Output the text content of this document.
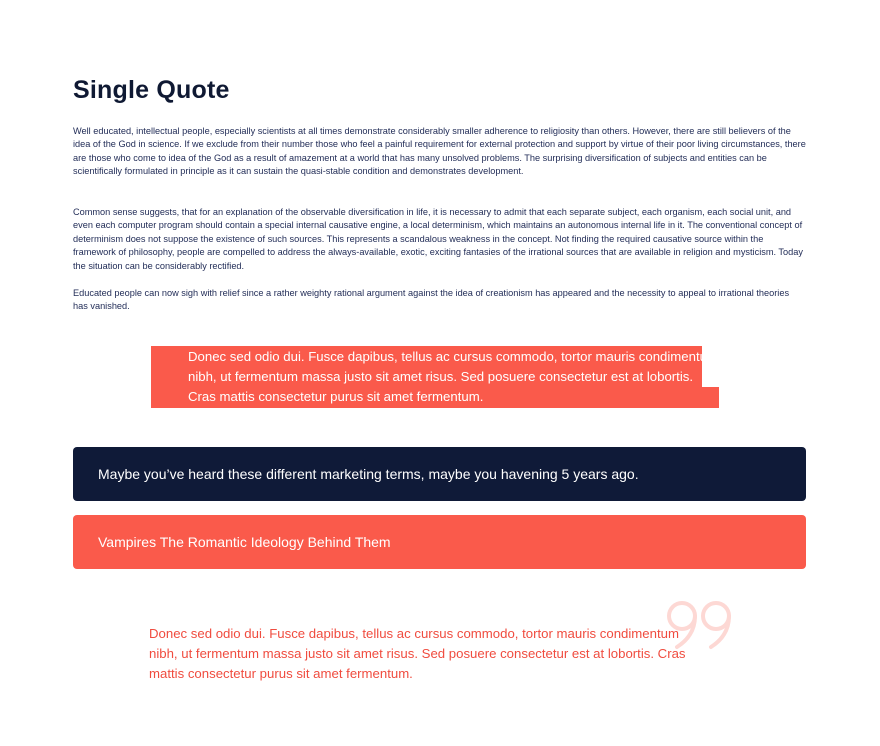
Single Quote

Well educated, intellectual people, especially scientists at all times demonstrate considerably smaller adherence to religiosity than others. However, there are still believers of the idea of the God in science. If we exclude from their number those who feel a painful requirement for external protection and support by virtue of their poor living circumstances, there are those who come to idea of the God as a result of amazement at a world that has many unsolved problems. The surprising diversification of subjects and entities can be scientifically formulated in principle as it can sustain the quasi-stable condition and demonstrates development.

Common sense suggests, that for an explanation of the observable diversification in life, it is necessary to admit that each separate subject, each organism, each social unit, and even each computer program should contain a special internal causative engine, a local determinism, which maintains an autonomous internal life in it. The conventional concept of determinism does not suppose the existence of such sources. This represents a scandalous weakness in the concept. Not finding the required causative source within the framework of philosophy, people are compelled to address the always-available, exotic, exciting fantasies of the irrational sources that are available in religion and mysticism. Today the situation can be considerably rectified.

Educated people can now sigh with relief since a rather weighty rational argument against the idea of creationism has appeared and the necessity to appeal to irrational theories has vanished.

Donec sed odio dui. Fusce dapibus, tellus ac cursus commodo, tortor mauris condimentum nibh, ut fermentum massa justo sit amet risus. Sed posuere consectetur est at lobortis. Cras mattis consectetur purus sit amet fermentum.

Maybe you’ve heard these different marketing terms, maybe you havening 5 years ago.
Vampires The Romantic Ideology Behind Them

Donec sed odio dui. Fusce dapibus, tellus ac cursus commodo, tortor mauris condimentum nibh, ut fermentum massa justo sit amet risus. Sed posuere consectetur est at lobortis. Cras mattis consectetur purus sit amet fermentum.
